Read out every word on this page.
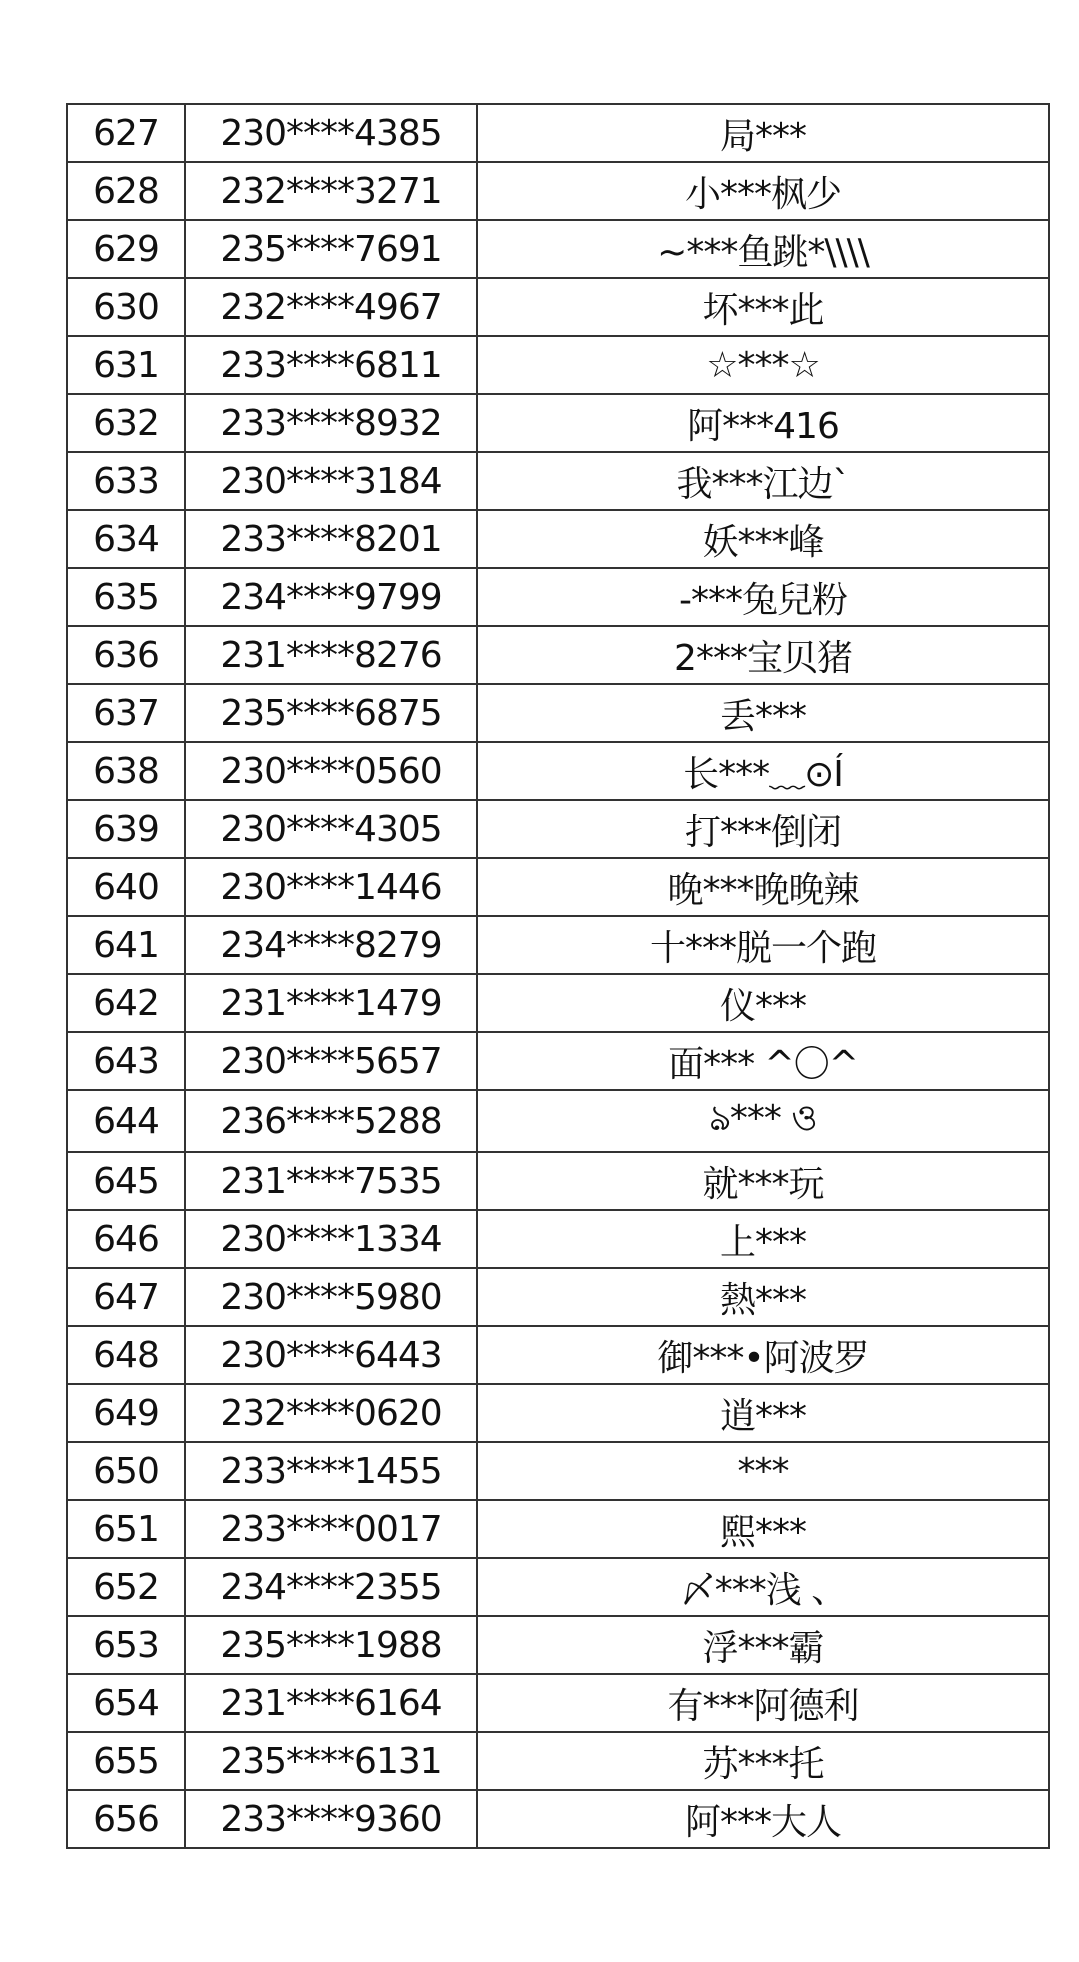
627	230****4385	局***
628	232****3271	小***枫少
629	235****7691	~***鱼跳*\\\\
630	232****4967	坏***此
631	233****6811	☆***☆
632	233****8932	阿***416
633	230****3184	我***江边`
634	233****8201	妖***峰
635	234****9799	-***兔兒粉
636	231****8276	2***宝贝猪
637	235****6875	丢***
638	230****0560	长***﹏⊙Í
639	230****4305	打***倒闭
640	230****1446	晚***晚晚辣
641	234****8279	十***脱一个跑
642	231****1479	仪***
643	230****5657	面*** ^〇^
644	236****5288	ঌ*** ও
645	231****7535	就***玩
646	230****1334	上***
647	230****5980	熱***
648	230****6443	御***•阿波罗
649	232****0620	逍***
650	233****1455	***
651	233****0017	熙***
652	234****2355	〆***浅 、
653	235****1988	浮***霸
654	231****6164	有***阿德利
655	235****6131	苏***托
656	233****9360	阿***大人
